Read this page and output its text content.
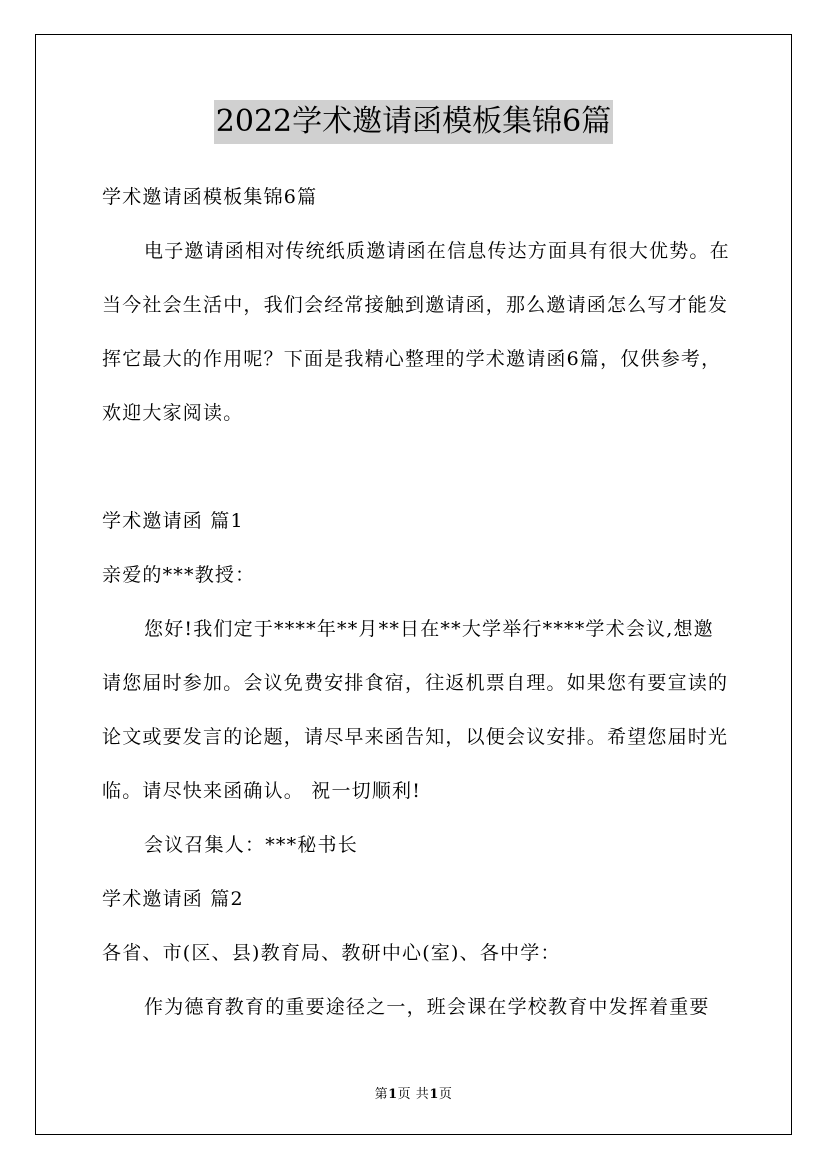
2022学术邀请函模板集锦6篇

学术邀请函模板集锦6篇

电子邀请函相对传统纸质邀请函在信息传达方面具有很大优势。在当今社会生活中，我们会经常接触到邀请函，那么邀请函怎么写才能发挥它最大的作用呢？下面是我精心整理的学术邀请函6篇，仅供参考，欢迎大家阅读。

学术邀请函 篇1

亲爱的***教授：

您好!我们定于****年**月**日在**大学举行****学术会议,想邀请您届时参加。会议免费安排食宿，往返机票自理。如果您有要宣读的论文或要发言的论题，请尽早来函告知，以便会议安排。希望您届时光临。请尽快来函确认。 祝一切顺利!

会议召集人：***秘书长

学术邀请函 篇2

各省、市(区、县)教育局、教研中心(室)、各中学：

作为德育教育的重要途径之一，班会课在学校教育中发挥着重要

第1页 共1页
